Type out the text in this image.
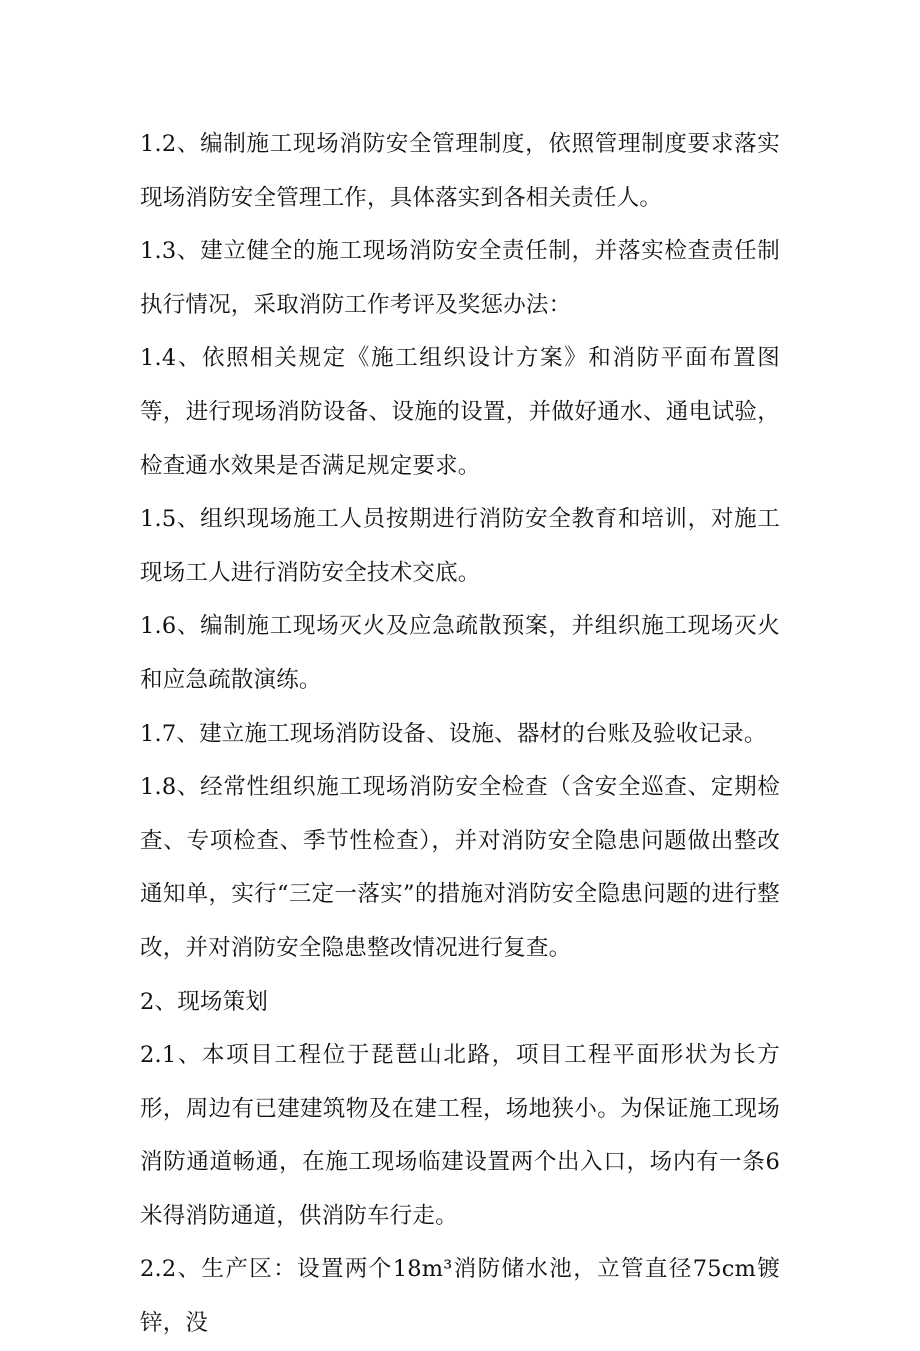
1.2、编制施工现场消防安全管理制度，依照管理制度要求落实现场消防安全管理工作，具体落实到各相关责任人。

1.3、建立健全的施工现场消防安全责任制，并落实检查责任制执行情况，采取消防工作考评及奖惩办法：

1.4、依照相关规定《施工组织设计方案》和消防平面布置图等，进行现场消防设备、设施的设置，并做好通水、通电试验，检查通水效果是否满足规定要求。

1.5、组织现场施工人员按期进行消防安全教育和培训，对施工现场工人进行消防安全技术交底。

1.6、编制施工现场灭火及应急疏散预案，并组织施工现场灭火和应急疏散演练。

1.7、建立施工现场消防设备、设施、器材的台账及验收记录。

1.8、经常性组织施工现场消防安全检查（含安全巡查、定期检查、专项检查、季节性检查），并对消防安全隐患问题做出整改通知单，实行“三定一落实”的措施对消防安全隐患问题的进行整改，并对消防安全隐患整改情况进行复查。

2、现场策划

2.1、本项目工程位于琵琶山北路，项目工程平面形状为长方形，周边有已建建筑物及在建工程，场地狭小。为保证施工现场消防通道畅通，在施工现场临建设置两个出入口，场内有一条6米得消防通道，供消防车行走。

2.2、生产区：设置两个18m³消防储水池，立管直径75cm镀锌，没
